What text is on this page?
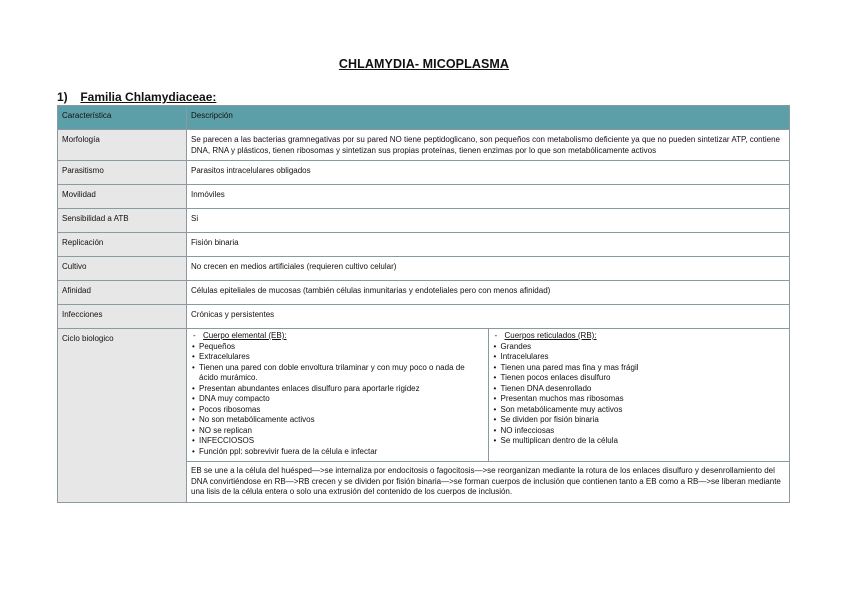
CHLAMYDIA- MICOPLASMA
1) Familia Chlamydiaceae:
Característica	Descripción
Morfología	Se parecen a las bacterias gramnegativas por su pared NO tiene peptidoglicano, son pequeños con metabolismo deficiente ya que no pueden sintetizar ATP, contiene DNA, RNA y plásticos, tienen ribosomas y sintetizan sus propias proteínas, tienen enzimas por lo que son metabólicamente activos
Parasitismo	Parasitos intracelulares obligados
Movilidad	Inmóviles
Sensibilidad a ATB	Si
Replicación	Fisión binaria
Cultivo	No crecen en medios artificiales (requieren cultivo celular)
Afinidad	Células epiteliales de mucosas (también células inmunitarias y endoteliales pero con menos afinidad)
Infecciones	Crónicas y persistentes
Ciclo biologico		- Cuerpo elemental (EB):
• Pequeños
• Extracelulares
• Tienen una pared con doble envoltura trilaminar y con muy poco o nada de ácido murámico.
• Presentan abundantes enlaces disulfuro para aportarle rigidez
• DNA muy compacto
• Pocos ribosomas
• No son metabólicamente activos
• NO se replican
• INFECCIOSOS
• Función ppl: sobrevivir fuera de la célula e infectar

- Cuerpos reticulados (RB):
• Grandes
• Intracelulares
• Tienen una pared mas fina y mas frágil
• Tienen pocos enlaces disulfuro
• Tienen DNA desenrollado
• Presentan muchos mas ribosomas
• Son metabólicamente muy activos
• Se dividen por fisión binaria
• NO infecciosas
• Se multiplican dentro de la célula

EB se une a la célula del huésped—>se internaliza por endocitosis o fagocitosis—>se reorganizan mediante la rotura de los enlaces disulfuro y desenrollamiento del DNA convirtiéndose en RB—>RB crecen y se dividen por fisión binaria—>se forman cuerpos de inclusión que contienen tanto a EB como a RB—>se liberan mediante una lisis de la célula entera o solo una extrusión del contenido de los cuerpos de inclusión.
